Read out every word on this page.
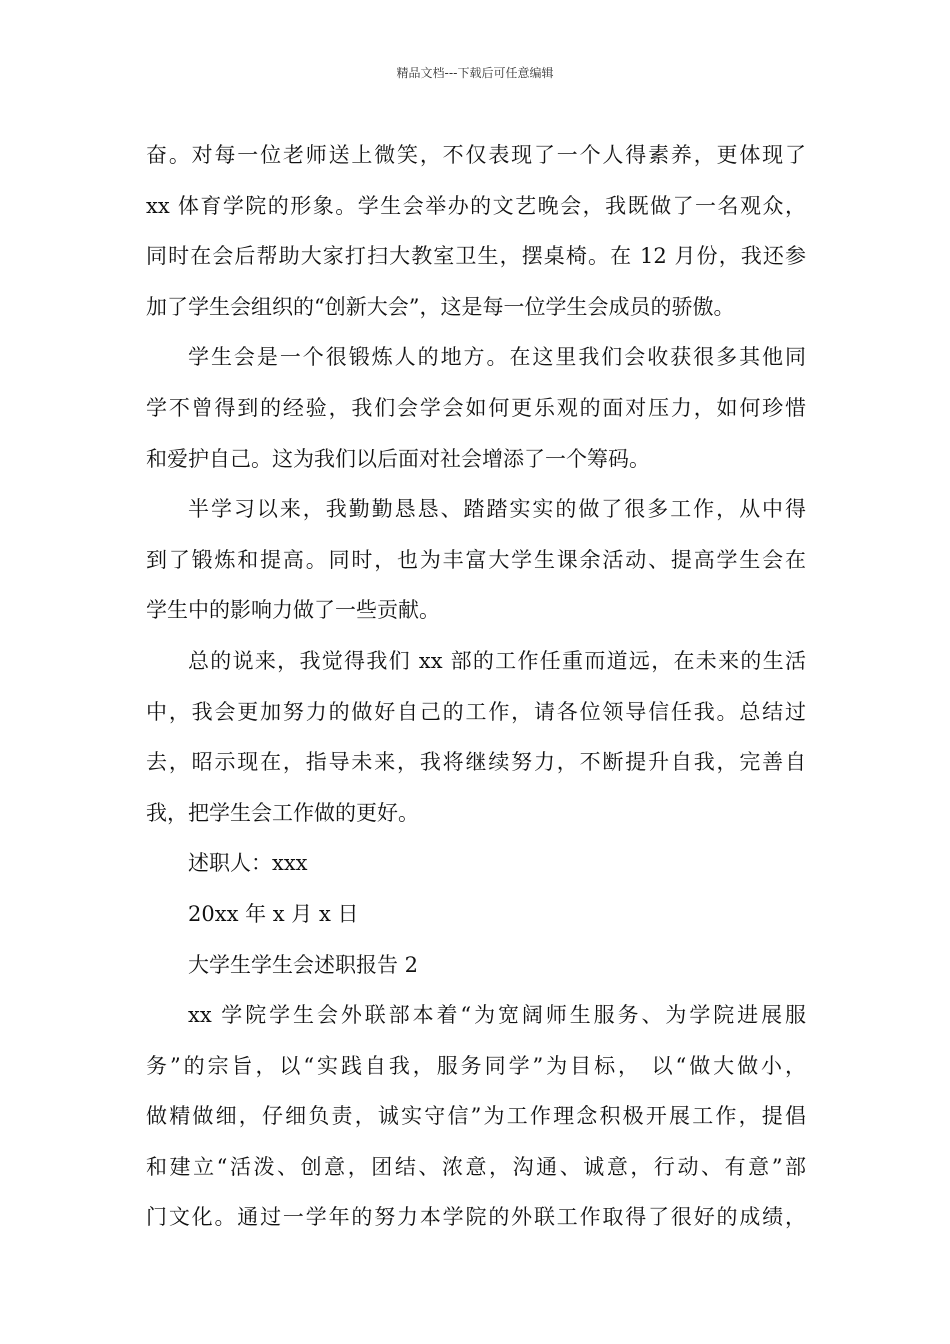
精品文档---下载后可任意编辑
奋。对每一位老师送上微笑，不仅表现了一个人得素养，更体现了
xx 体育学院的形象。学生会举办的文艺晚会，我既做了一名观众，
同时在会后帮助大家打扫大教室卫生，摆桌椅。在 12 月份，我还参
加了学生会组织的“创新大会”，这是每一位学生会成员的骄傲。
学生会是一个很锻炼人的地方。在这里我们会收获很多其他同
学不曾得到的经验，我们会学会如何更乐观的面对压力，如何珍惜
和爱护自己。这为我们以后面对社会增添了一个筹码。
半学习以来，我勤勤恳恳、踏踏实实的做了很多工作，从中得
到了锻炼和提高。同时，也为丰富大学生课余活动、提高学生会在
学生中的影响力做了一些贡献。
总的说来，我觉得我们 xx 部的工作任重而道远，在未来的生活
中，我会更加努力的做好自己的工作，请各位领导信任我。总结过
去，昭示现在，指导未来，我将继续努力，不断提升自我，完善自
我，把学生会工作做的更好。
述职人：xxx
20xx 年 x 月 x 日
大学生学生会述职报告 2
xx 学院学生会外联部本着“为宽阔师生服务、为学院进展服
务”的宗旨，以“实践自我，服务同学”为目标， 以“做大做小，
做精做细，仔细负责，诚实守信”为工作理念积极开展工作，提倡
和建立“活泼、创意，团结、浓意，沟通、诚意，行动、有意”部
门文化。通过一学年的努力本学院的外联工作取得了很好的成绩，
